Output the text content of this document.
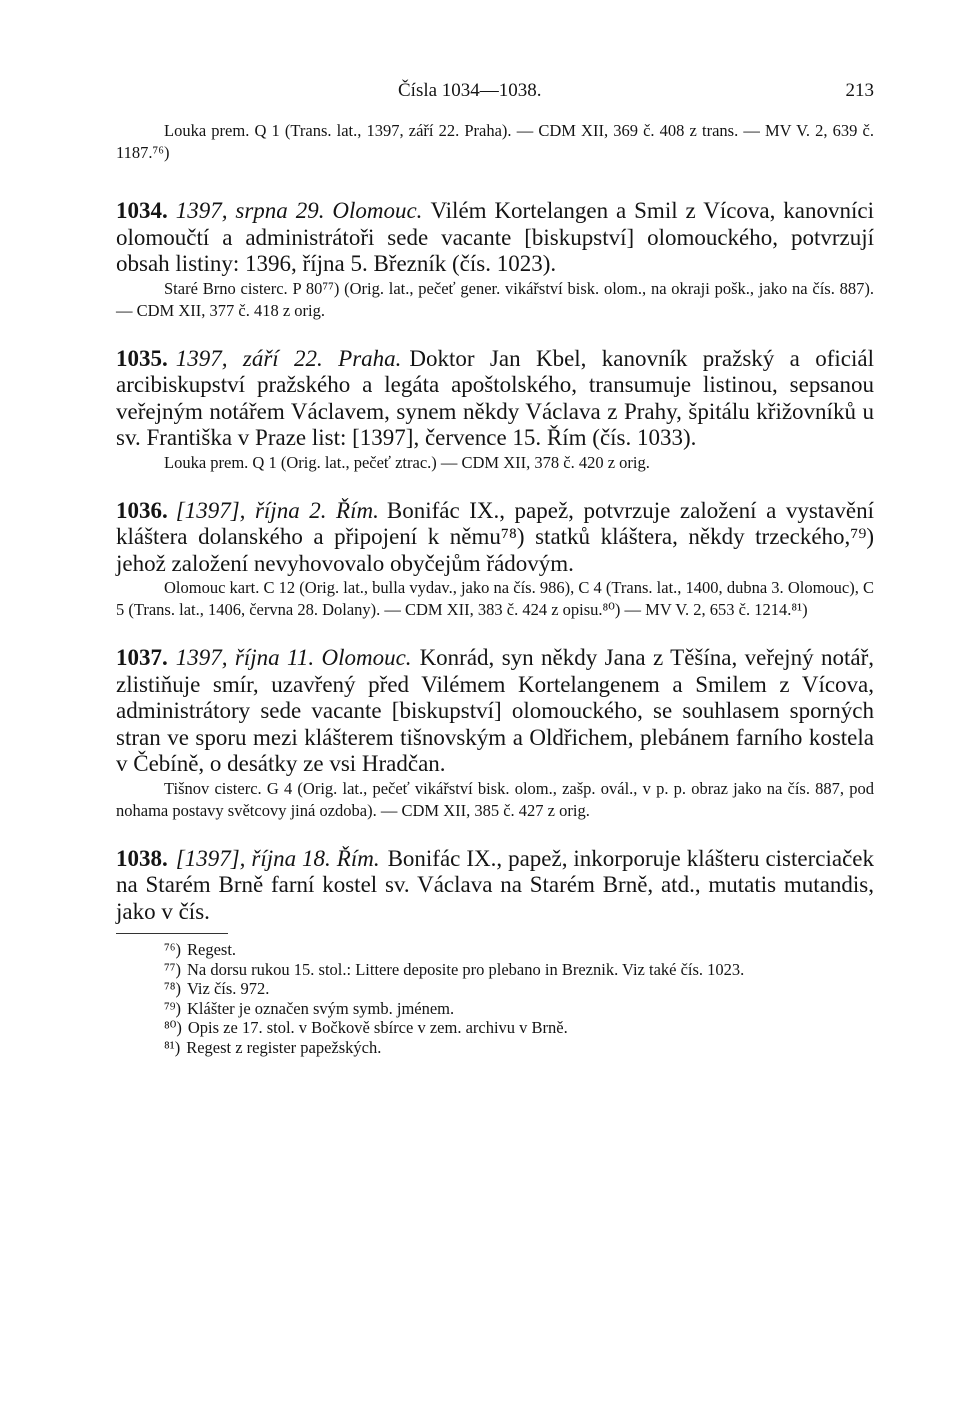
Čísla 1034—1038.	213

Louka prem. Q 1 (Trans. lat., 1397, září 22. Praha). — CDM XII, 369 č. 408 z trans. — MV V. 2, 639 č. 1187.⁷⁶)

1034. 1397, srpna 29. Olomouc. Vilém Kortelangen a Smil z Vícova, kanovníci olomoučtí a administrátoři sede vacante [biskupství] olomouckého, potvrzují obsah listiny: 1396, října 5. Březník (čís. 1023).

Staré Brno cisterc. P 80⁷⁷) (Orig. lat., pečeť gener. vikářství bisk. olom., na okraji pošk., jako na čís. 887). — CDM XII, 377 č. 418 z orig.

1035. 1397, září 22. Praha. Doktor Jan Kbel, kanovník pražský a oficiál arcibiskupství pražského a legáta apoštolského, transumuje listinou, sepsanou veřejným notářem Václavem, synem někdy Václava z Prahy, špitálu křižovníků u sv. Františka v Praze list: [1397], července 15. Řím (čís. 1033).

Louka prem. Q 1 (Orig. lat., pečeť ztrac.) — CDM XII, 378 č. 420 z orig.

1036. [1397], října 2. Řím. Bonifác IX., papež, potvrzuje založení a vystavění kláštera dolanského a připojení k němu⁷⁸) statků kláštera, někdy trzeckého,⁷⁹) jehož založení nevyhovovalo obyčejům řádovým.

Olomouc kart. C 12 (Orig. lat., bulla vydav., jako na čís. 986), C 4 (Trans. lat., 1400, dubna 3. Olomouc), C 5 (Trans. lat., 1406, června 28. Dolany). — CDM XII, 383 č. 424 z opisu.⁸⁰) — MV V. 2, 653 č. 1214.⁸¹)

1037. 1397, října 11. Olomouc. Konrád, syn někdy Jana z Těšína, veřejný notář, zlistiňuje smír, uzavřený před Vilémem Kortelangenem a Smilem z Vícova, administrátory sede vacante [biskupství] olomouckého, se souhlasem sporných stran ve sporu mezi klášterem tišnovským a Oldřichem, plebánem farního kostela v Čebíně, o desátky ze vsi Hradčan.

Tišnov cisterc. G 4 (Orig. lat., pečeť vikářství bisk. olom., zašp. ovál., v p. p. obraz jako na čís. 887, pod nohama postavy světcovy jiná ozdoba). — CDM XII, 385 č. 427 z orig.

1038. [1397], října 18. Řím. Bonifác IX., papež, inkorporuje klášteru cisterciaček na Starém Brně farní kostel sv. Václava na Starém Brně, atd., mutatis mutandis, jako v čís.

⁷⁶) Regest.

⁷⁷) Na dorsu rukou 15. stol.: Littere deposite pro plebano in Breznik. Viz také čís. 1023.

⁷⁸) Viz čís. 972.

⁷⁹) Klášter je označen svým symb. jménem.

⁸⁰) Opis ze 17. stol. v Bočkově sbírce v zem. archivu v Brně.

⁸¹) Regest z register papežských.
